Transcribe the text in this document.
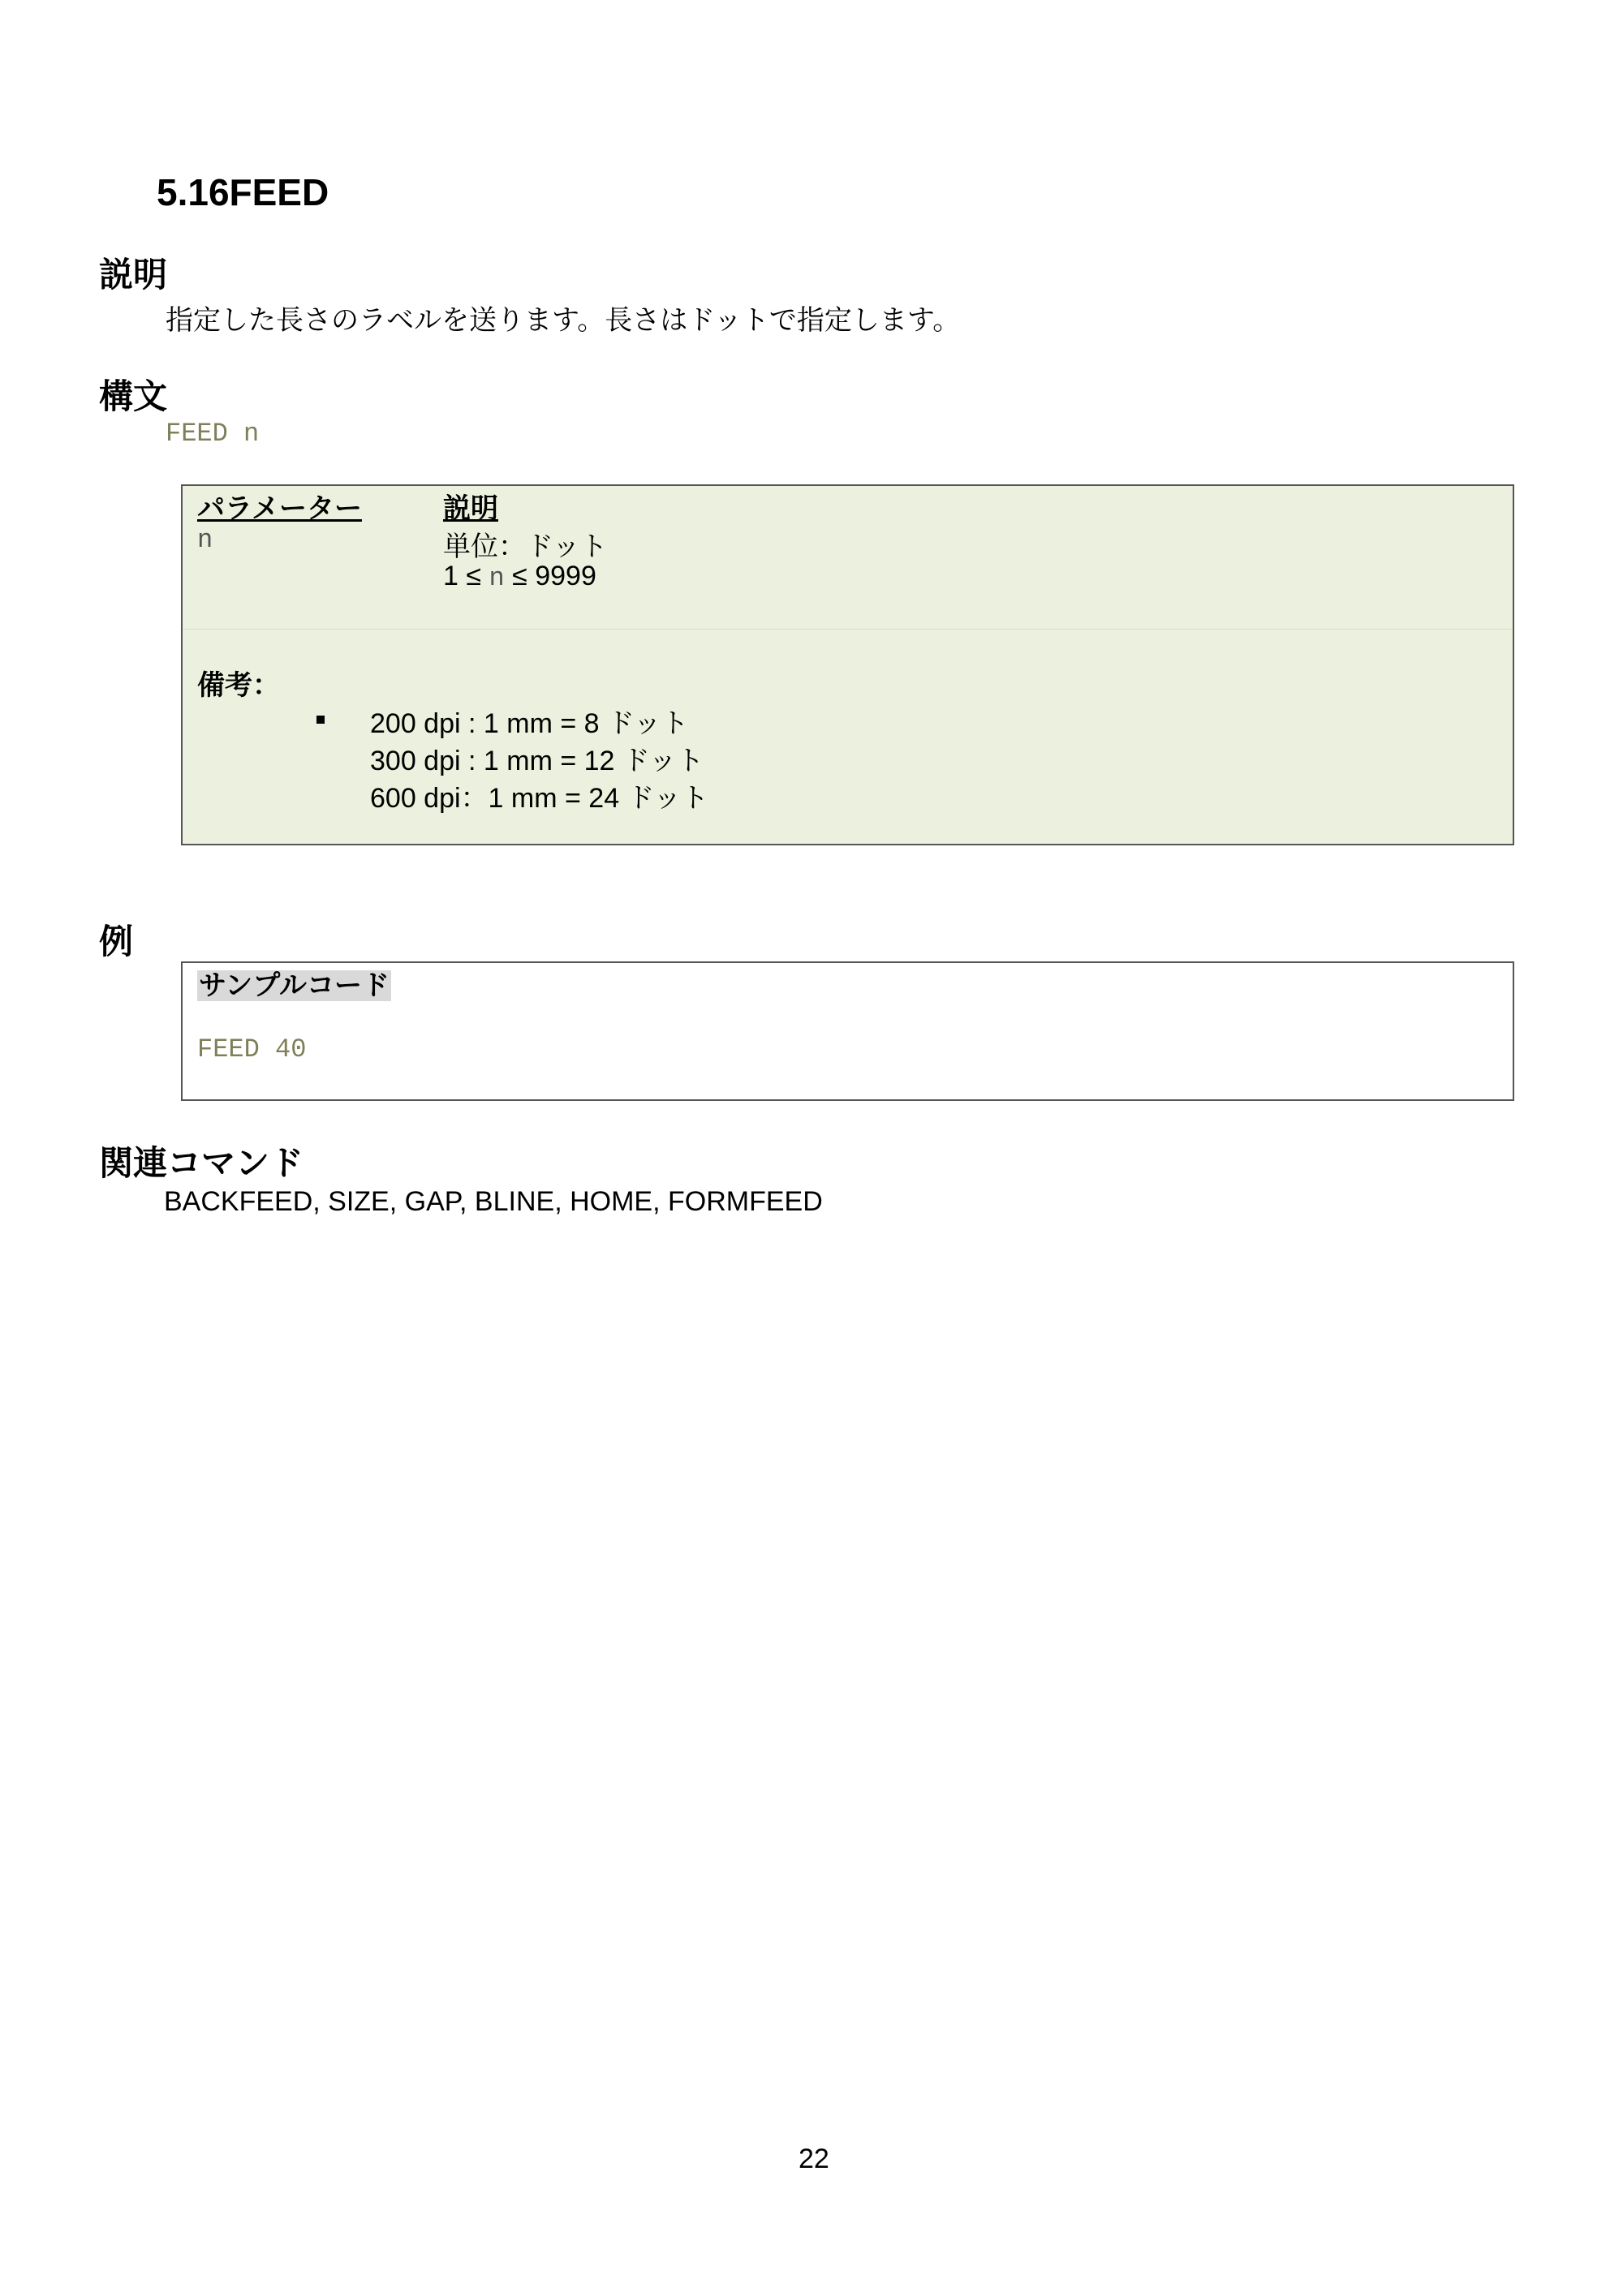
5.16FEED
説明
指定した長さのラベルを送ります。長さはドットで指定します。
構文
FEED n
パラメーター	説明
n	単位：ドット
1 ≤ n ≤ 9999
備考：
200 dpi : 1 mm = 8 ドット
300 dpi : 1 mm = 12 ドット
600 dpi：1 mm = 24 ドット
例
サンプルコード
FEED 40
関連コマンド
BACKFEED, SIZE, GAP, BLINE, HOME, FORMFEED
22
